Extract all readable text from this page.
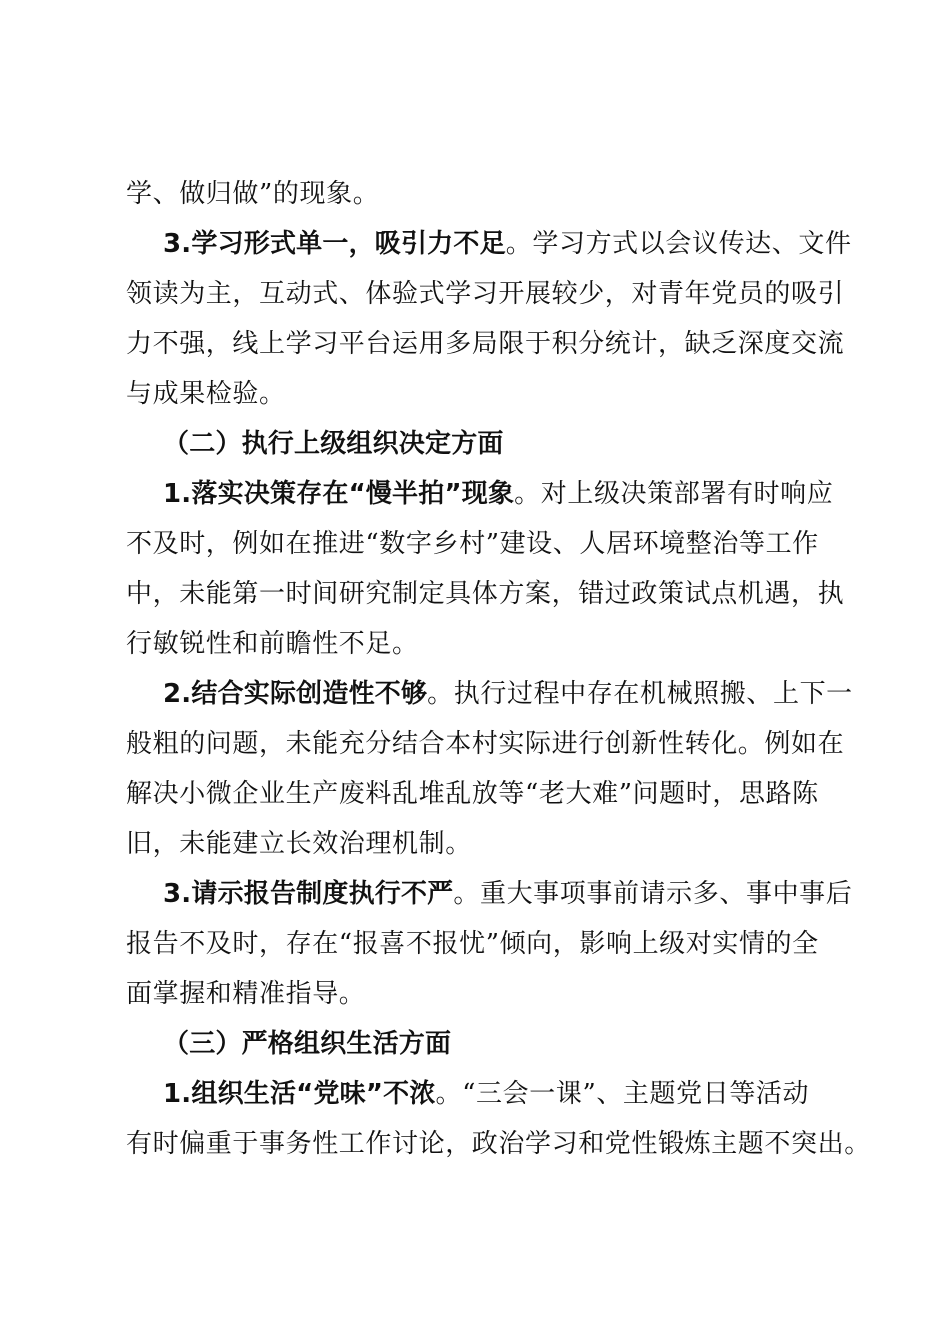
学、做归做”的现象。
3.学习形式单一，吸引力不足。学习方式以会议传达、文件
领读为主，互动式、体验式学习开展较少，对青年党员的吸引
力不强，线上学习平台运用多局限于积分统计，缺乏深度交流
与成果检验。
（二）执行上级组织决定方面
1.落实决策存在“慢半拍”现象。对上级决策部署有时响应
不及时，例如在推进“数字乡村”建设、人居环境整治等工作
中，未能第一时间研究制定具体方案，错过政策试点机遇，执
行敏锐性和前瞻性不足。
2.结合实际创造性不够。执行过程中存在机械照搬、上下一
般粗的问题，未能充分结合本村实际进行创新性转化。例如在
解决小微企业生产废料乱堆乱放等“老大难”问题时，思路陈
旧，未能建立长效治理机制。
3.请示报告制度执行不严。重大事项事前请示多、事中事后
报告不及时，存在“报喜不报忧”倾向，影响上级对实情的全
面掌握和精准指导。
（三）严格组织生活方面
1.组织生活“党味”不浓。“三会一课”、主题党日等活动
有时偏重于事务性工作讨论，政治学习和党性锻炼主题不突出。
